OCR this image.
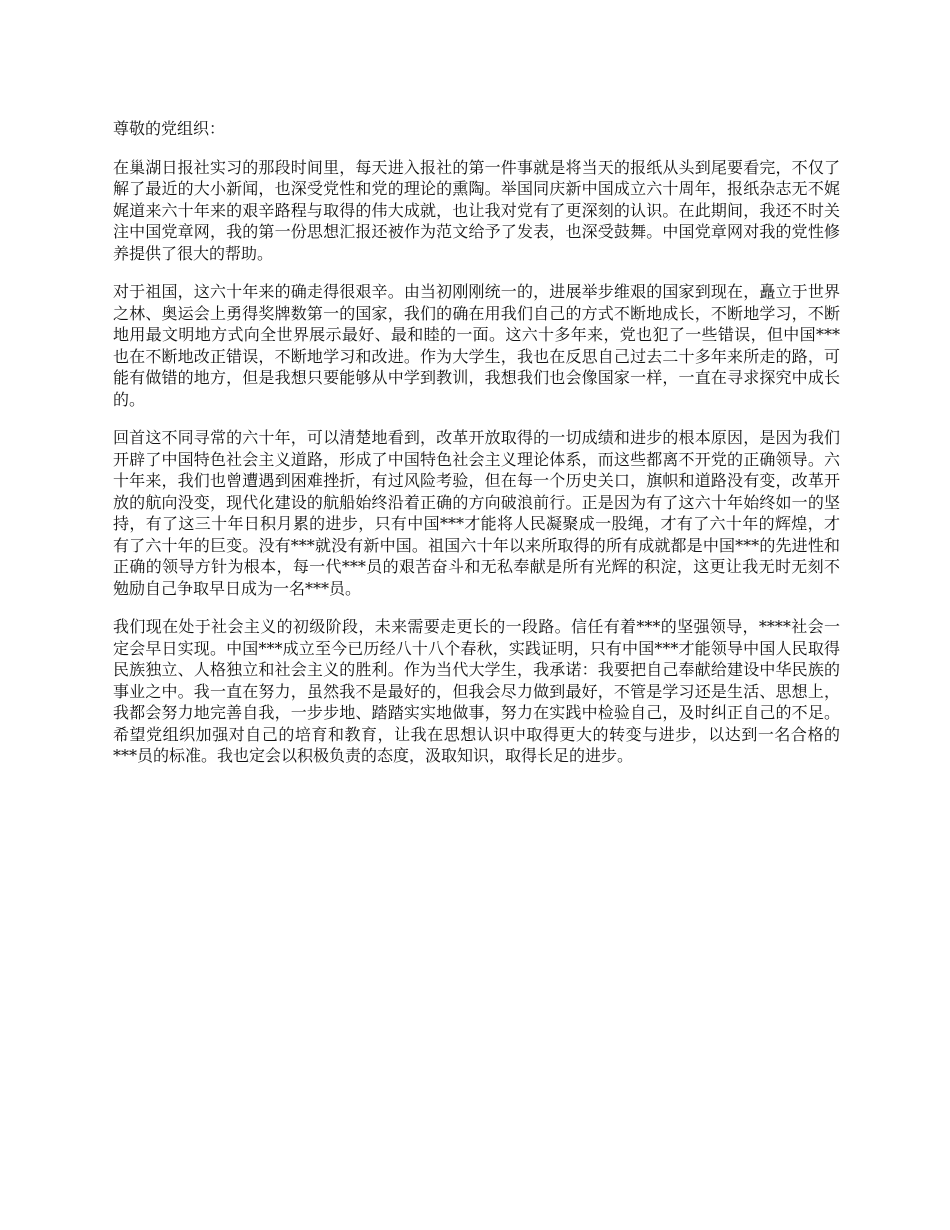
尊敬的党组织：

在巢湖日报社实习的那段时间里，每天进入报社的第一件事就是将当天的报纸从头到尾要看完，不仅了解了最近的大小新闻，也深受党性和党的理论的熏陶。举国同庆新中国成立六十周年，报纸杂志无不娓娓道来六十年来的艰辛路程与取得的伟大成就，也让我对党有了更深刻的认识。在此期间，我还不时关注中国党章网，我的第一份思想汇报还被作为范文给予了发表，也深受鼓舞。中国党章网对我的党性修养提供了很大的帮助。

对于祖国，这六十年来的确走得很艰辛。由当初刚刚统一的，进展举步维艰的国家到现在，矗立于世界之林、奥运会上勇得奖牌数第一的国家，我们的确在用我们自己的方式不断地成长，不断地学习，不断地用最文明地方式向全世界展示最好、最和睦的一面。这六十多年来，党也犯了一些错误，但中国***也在不断地改正错误，不断地学习和改进。作为大学生，我也在反思自己过去二十多年来所走的路，可能有做错的地方，但是我想只要能够从中学到教训，我想我们也会像国家一样，一直在寻求探究中成长的。

回首这不同寻常的六十年，可以清楚地看到，改革开放取得的一切成绩和进步的根本原因，是因为我们开辟了中国特色社会主义道路，形成了中国特色社会主义理论体系，而这些都离不开党的正确领导。六十年来，我们也曾遭遇到困难挫折，有过风险考验，但在每一个历史关口，旗帜和道路没有变，改革开放的航向没变，现代化建设的航船始终沿着正确的方向破浪前行。正是因为有了这六十年始终如一的坚持，有了这三十年日积月累的进步，只有中国***才能将人民凝聚成一股绳，才有了六十年的辉煌，才有了六十年的巨变。没有***就没有新中国。祖国六十年以来所取得的所有成就都是中国***的先进性和正确的领导方针为根本，每一代***员的艰苦奋斗和无私奉献是所有光辉的积淀，这更让我无时无刻不勉励自己争取早日成为一名***员。

我们现在处于社会主义的初级阶段，未来需要走更长的一段路。信任有着***的坚强领导，****社会一定会早日实现。中国***成立至今已历经八十八个春秋，实践证明，只有中国***才能领导中国人民取得民族独立、人格独立和社会主义的胜利。作为当代大学生，我承诺：我要把自己奉献给建设中华民族的事业之中。我一直在努力，虽然我不是最好的，但我会尽力做到最好，不管是学习还是生活、思想上，我都会努力地完善自我，一步步地、踏踏实实地做事，努力在实践中检验自己，及时纠正自己的不足。希望党组织加强对自己的培育和教育，让我在思想认识中取得更大的转变与进步，以达到一名合格的***员的标准。我也定会以积极负责的态度，汲取知识，取得长足的进步。
